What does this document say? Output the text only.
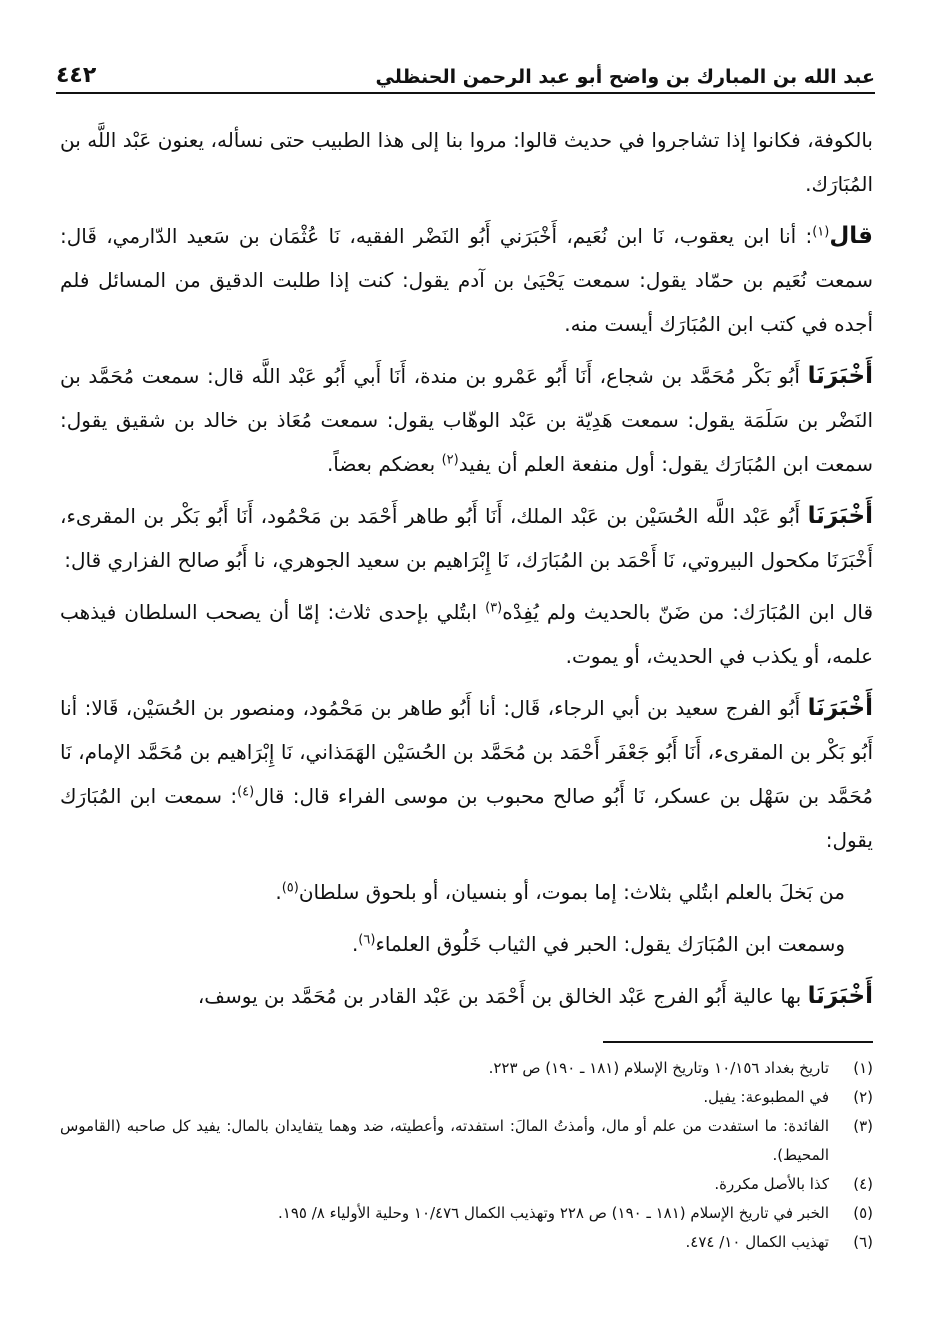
عبد الله بن المبارك بن واضح أبو عبد الرحمن الحنظلي
٤٤٢

بالكوفة، فكانوا إذا تشاجروا في حديث قالوا: مروا بنا إلى هذا الطبيب حتى نسأله، يعنون عَبْد اللَّه بن المُبَارَك.

قال$^{(١)}$: أنا ابن يعقوب، نَا ابن نُعَيم، أَخْبَرَني أَبُو النَضْر الفقيه، نَا عُثْمَان بن سَعيد الدّارمي، قَال: سمعت نُعَيم بن حمّاد يقول: سمعت يَحْيَىٰ بن آدم يقول: كنت إذا طلبت الدقيق من المسائل فلم أجده في كتب ابن المُبَارَك أيست منه.

أَخْبَرَنَا أَبُو بَكْر مُحَمَّد بن شجاع، أَنَا أَبُو عَمْرو بن مندة، أَنَا أَبي أَبُو عَبْد اللَّه قال: سمعت مُحَمَّد بن النَضْر بن سَلَمَة يقول: سمعت هَدِيّة بن عَبْد الوهّاب يقول: سمعت مُعَاذ بن خالد بن شقيق يقول: سمعت ابن المُبَارَك يقول: أول منفعة العلم أن يفيد$^{(٢)}$ بعضكم بعضاً.

أَخْبَرَنَا أَبُو عَبْد اللَّه الحُسَيْن بن عَبْد الملك، أَنَا أَبُو طاهر أَحْمَد بن مَحْمُود، أَنَا أَبُو بَكْر بن المقرىء، أَخْبَرَنَا مكحول البيروتي، نَا أَحْمَد بن المُبَارَك، نَا إِبْرَاهيم بن سعيد الجوهري، نا أَبُو صالح الفزاري قال:

قال ابن المُبَارَك: من ضَنّ بالحديث ولم يُفِدْه$^{(٣)}$ ابتُلي بإحدى ثلاث: إمّا أن يصحب السلطان فيذهب علمه، أو يكذب في الحديث، أو يموت.

أَخْبَرَنَا أَبُو الفرج سعيد بن أبي الرجاء، قَال: أنا أَبُو طاهر بن مَحْمُود، ومنصور بن الحُسَيْن، قَالا: أنا أَبُو بَكْر بن المقرىء، أَنَا أَبُو جَعْفَر أَحْمَد بن مُحَمَّد بن الحُسَيْن الهَمَذاني، نَا إِبْرَاهيم بن مُحَمَّد الإمام، نَا مُحَمَّد بن سَهْل بن عسكر، نَا أَبُو صالح محبوب بن موسى الفراء قال: قال$^{(٤)}$: سمعت ابن المُبَارَك يقول:

من بَخلَ بالعلم ابتُلي بثلاث: إما بموت، أو بنسيان، أو بلحوق سلطان$^{(٥)}$.

وسمعت ابن المُبَارَك يقول: الحبر في الثياب خَلُوق العلماء$^{(٦)}$.

أَخْبَرَنَا بها عالية أَبُو الفرج عَبْد الخالق بن أَحْمَد بن عَبْد القادر بن مُحَمَّد بن يوسف،

(١)
تاريخ بغداد ١٠/١٥٦ وتاريخ الإسلام (١٨١ ـ ١٩٠) ص ٢٢٣.
(٢)
في المطبوعة: يفيل.
(٣)
الفائدة: ما استفدت من علم أو مال، وأمذتُ المالَ: استفدته، وأعطيته، ضد وهما يتفايدان بالمال: يفيد كل صاحبه (القاموس المحيط).
(٤)
كذا بالأصل مكررة.
(٥)
الخبر في تاريخ الإسلام (١٨١ ـ ١٩٠) ص ٢٢٨ وتهذيب الكمال ١٠/٤٧٦ وحلية الأولياء ٨/ ١٩٥.
(٦)
تهذيب الكمال ١٠/ ٤٧٤.
